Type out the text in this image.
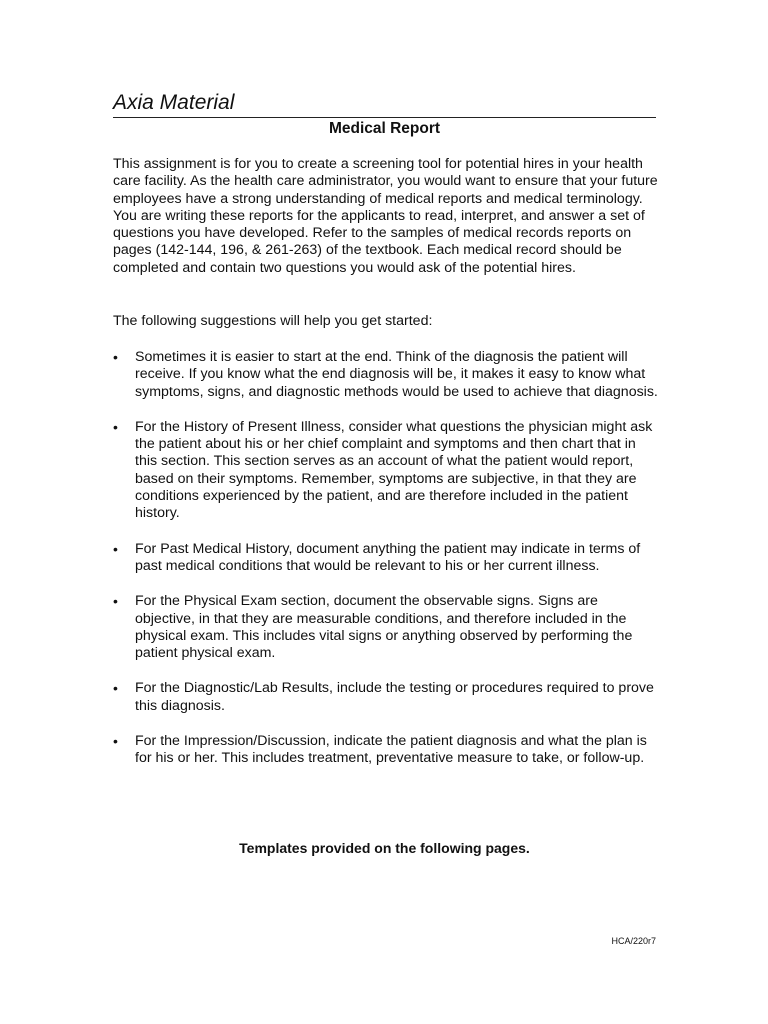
Axia Material
Medical Report

This assignment is for you to create a screening tool for potential hires in your health care facility. As the health care administrator, you would want to ensure that your future employees have a strong understanding of medical reports and medical terminology. You are writing these reports for the applicants to read, interpret, and answer a set of questions you have developed. Refer to the samples of medical records reports on pages (142-144, 196, & 261-263) of the textbook. Each medical record should be completed and contain two questions you would ask of the potential hires.

The following suggestions will help you get started:

• Sometimes it is easier to start at the end. Think of the diagnosis the patient will receive. If you know what the end diagnosis will be, it makes it easy to know what symptoms, signs, and diagnostic methods would be used to achieve that diagnosis.
• For the History of Present Illness, consider what questions the physician might ask the patient about his or her chief complaint and symptoms and then chart that in this section. This section serves as an account of what the patient would report, based on their symptoms. Remember, symptoms are subjective, in that they are conditions experienced by the patient, and are therefore included in the patient history.
• For Past Medical History, document anything the patient may indicate in terms of past medical conditions that would be relevant to his or her current illness.
• For the Physical Exam section, document the observable signs. Signs are objective, in that they are measurable conditions, and therefore included in the physical exam. This includes vital signs or anything observed by performing the patient physical exam.
• For the Diagnostic/Lab Results, include the testing or procedures required to prove this diagnosis.
• For the Impression/Discussion, indicate the patient diagnosis and what the plan is for his or her. This includes treatment, preventative measure to take, or follow-up.

Templates provided on the following pages.

HCA/220r7
